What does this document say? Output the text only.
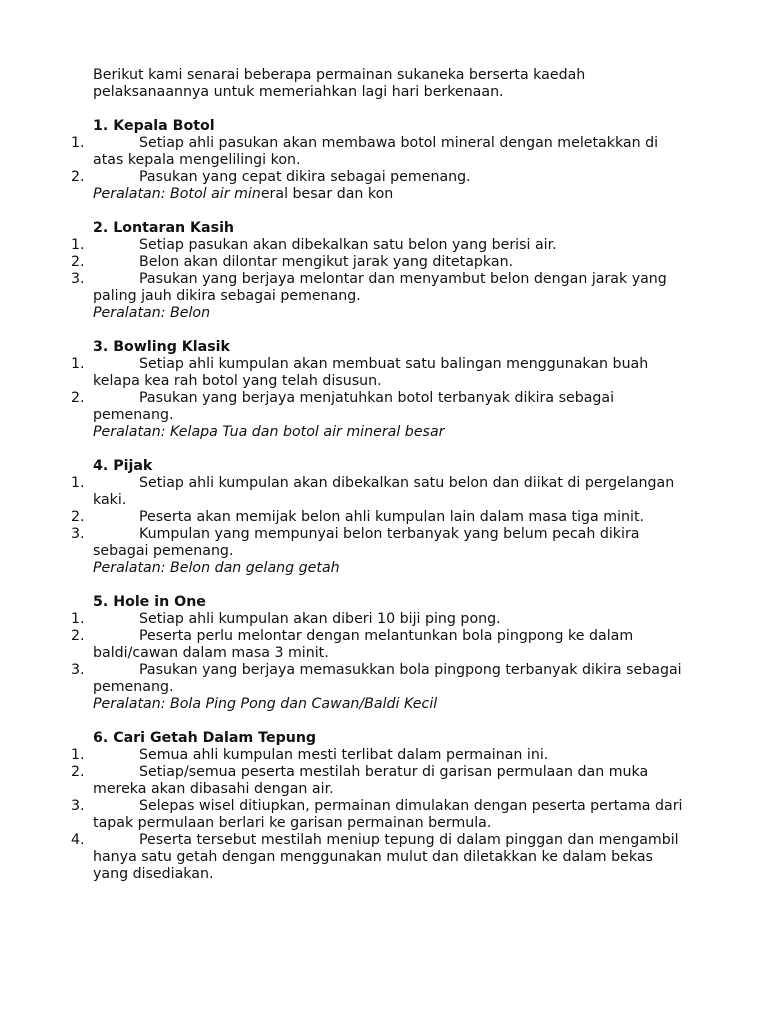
Berikut kami senarai beberapa permainan sukaneka berserta kaedah pelaksanaannya untuk memeriahkan lagi hari berkenaan.
1. Kepala Botol
1.	Setiap ahli pasukan akan membawa botol mineral dengan meletakkan di atas kepala mengelilingi kon.
2.	Pasukan yang cepat dikira sebagai pemenang.
Peralatan: Botol air mineral besar dan kon
2. Lontaran Kasih
1.	Setiap pasukan akan dibekalkan satu belon yang berisi air.
2.	Belon akan dilontar mengikut jarak yang ditetapkan.
3.	Pasukan yang berjaya melontar dan menyambut belon dengan jarak yang paling jauh dikira sebagai pemenang.
Peralatan: Belon
3. Bowling Klasik
1.	Setiap ahli kumpulan akan membuat satu balingan menggunakan buah kelapa kea rah botol yang telah disusun.
2.	Pasukan yang berjaya menjatuhkan botol terbanyak dikira sebagai pemenang.
Peralatan: Kelapa Tua dan botol air mineral besar
4. Pijak
1.	Setiap ahli kumpulan akan dibekalkan satu belon dan diikat di pergelangan kaki.
2.	Peserta akan memijak belon ahli kumpulan lain dalam masa tiga minit.
3.	Kumpulan yang mempunyai belon terbanyak yang belum pecah dikira sebagai pemenang.
Peralatan: Belon dan gelang getah
5. Hole in One
1.	Setiap ahli kumpulan akan diberi 10 biji ping pong.
2.	Peserta perlu melontar dengan melantunkan bola pingpong ke dalam baldi/cawan dalam masa 3 minit.
3.	Pasukan yang berjaya memasukkan bola pingpong terbanyak dikira sebagai pemenang.
Peralatan: Bola Ping Pong dan Cawan/Baldi Kecil
6. Cari Getah Dalam Tepung
1.	Semua ahli kumpulan mesti terlibat dalam permainan ini.
2.	Setiap/semua peserta mestilah beratur di garisan permulaan dan muka mereka akan dibasahi dengan air.
3.	Selepas wisel ditiupkan, permainan dimulakan dengan peserta pertama dari tapak permulaan berlari ke garisan permainan bermula.
4.	Peserta tersebut mestilah meniup tepung di dalam pinggan dan mengambil hanya satu getah dengan menggunakan mulut dan diletakkan ke dalam bekas yang disediakan.
